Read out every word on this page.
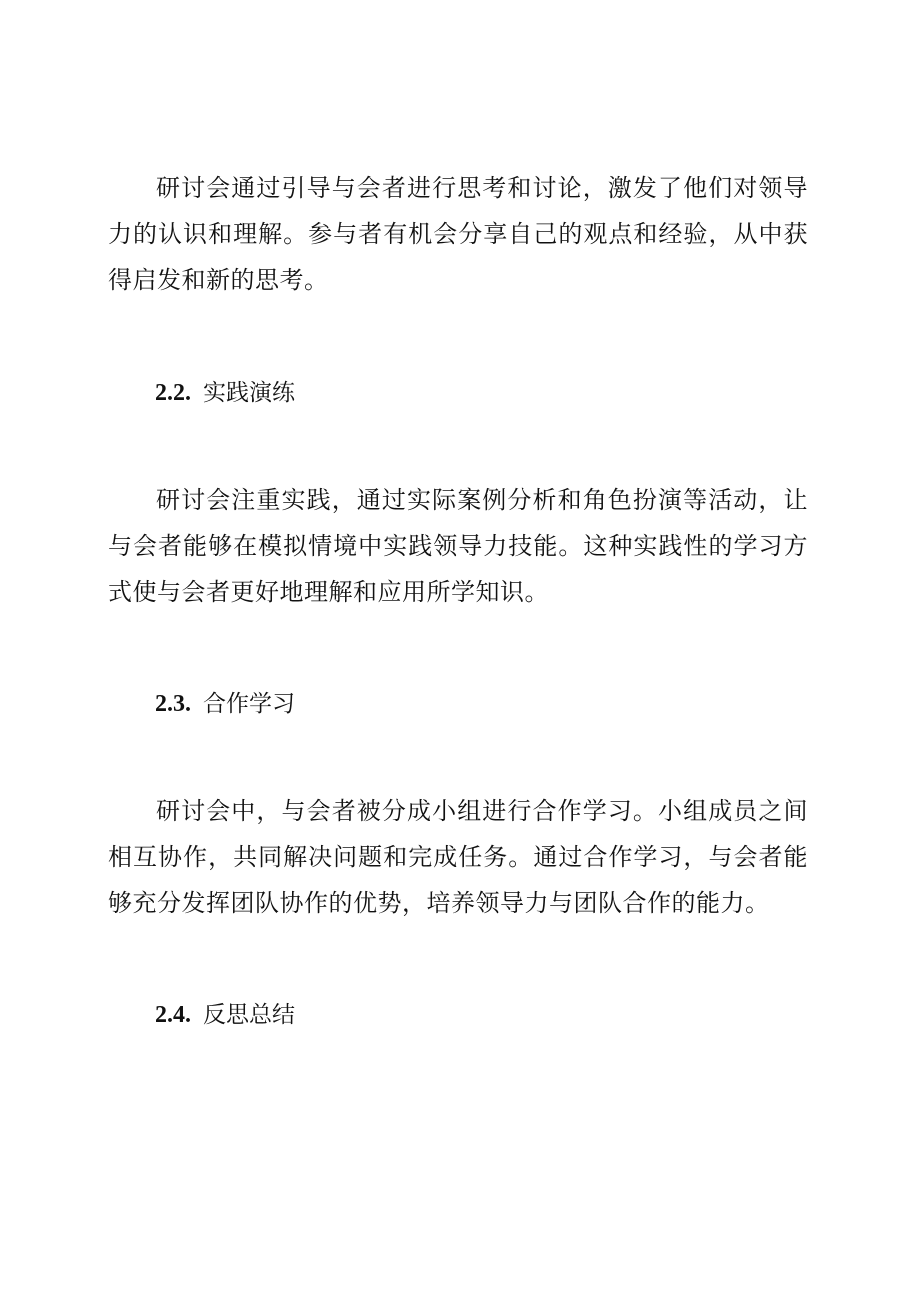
研讨会通过引导与会者进行思考和讨论，激发了他们对领导力的认识和理解。参与者有机会分享自己的观点和经验，从中获得启发和新的思考。

2.2. 实践演练

研讨会注重实践，通过实际案例分析和角色扮演等活动，让与会者能够在模拟情境中实践领导力技能。这种实践性的学习方式使与会者更好地理解和应用所学知识。

2.3. 合作学习

研讨会中，与会者被分成小组进行合作学习。小组成员之间相互协作，共同解决问题和完成任务。通过合作学习，与会者能够充分发挥团队协作的优势，培养领导力与团队合作的能力。

2.4. 反思总结
